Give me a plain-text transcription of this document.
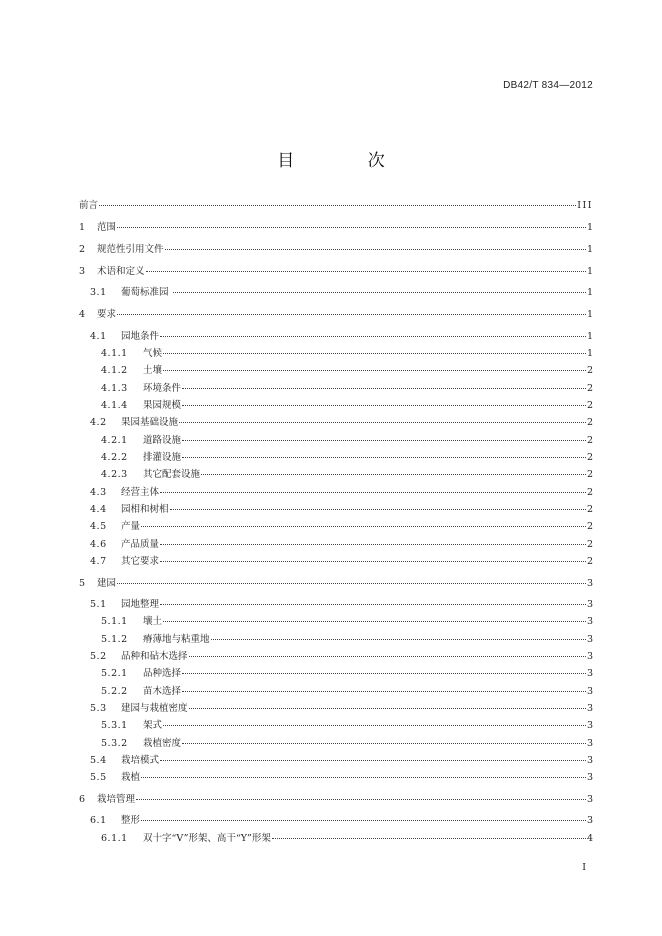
DB42/T 834—2012
目 次
前言	III
1	范围	1
2	规范性引用文件	1
3	术语和定义	1
3.1	葡萄标准园	1
4	要求	1
4.1	园地条件	1
4.1.1	气候	1
4.1.2	土壤	2
4.1.3	环境条件	2
4.1.4	果园规模	2
4.2	果园基础设施	2
4.2.1	道路设施	2
4.2.2	排灌设施	2
4.2.3	其它配套设施	2
4.3	经营主体	2
4.4	园相和树相	2
4.5	产量	2
4.6	产品质量	2
4.7	其它要求	2
5	建园	3
5.1	园地整理	3
5.1.1	壤土	3
5.1.2	瘠薄地与粘重地	3
5.2	品种和砧木选择	3
5.2.1	品种选择	3
5.2.2	苗木选择	3
5.3	建园与栽植密度	3
5.3.1	架式	3
5.3.2	栽植密度	3
5.4	栽培模式	3
5.5	栽植	3
6	栽培管理	3
6.1	整形	3
6.1.1	双十字“V”形架、高干“Y”形架	4
I
